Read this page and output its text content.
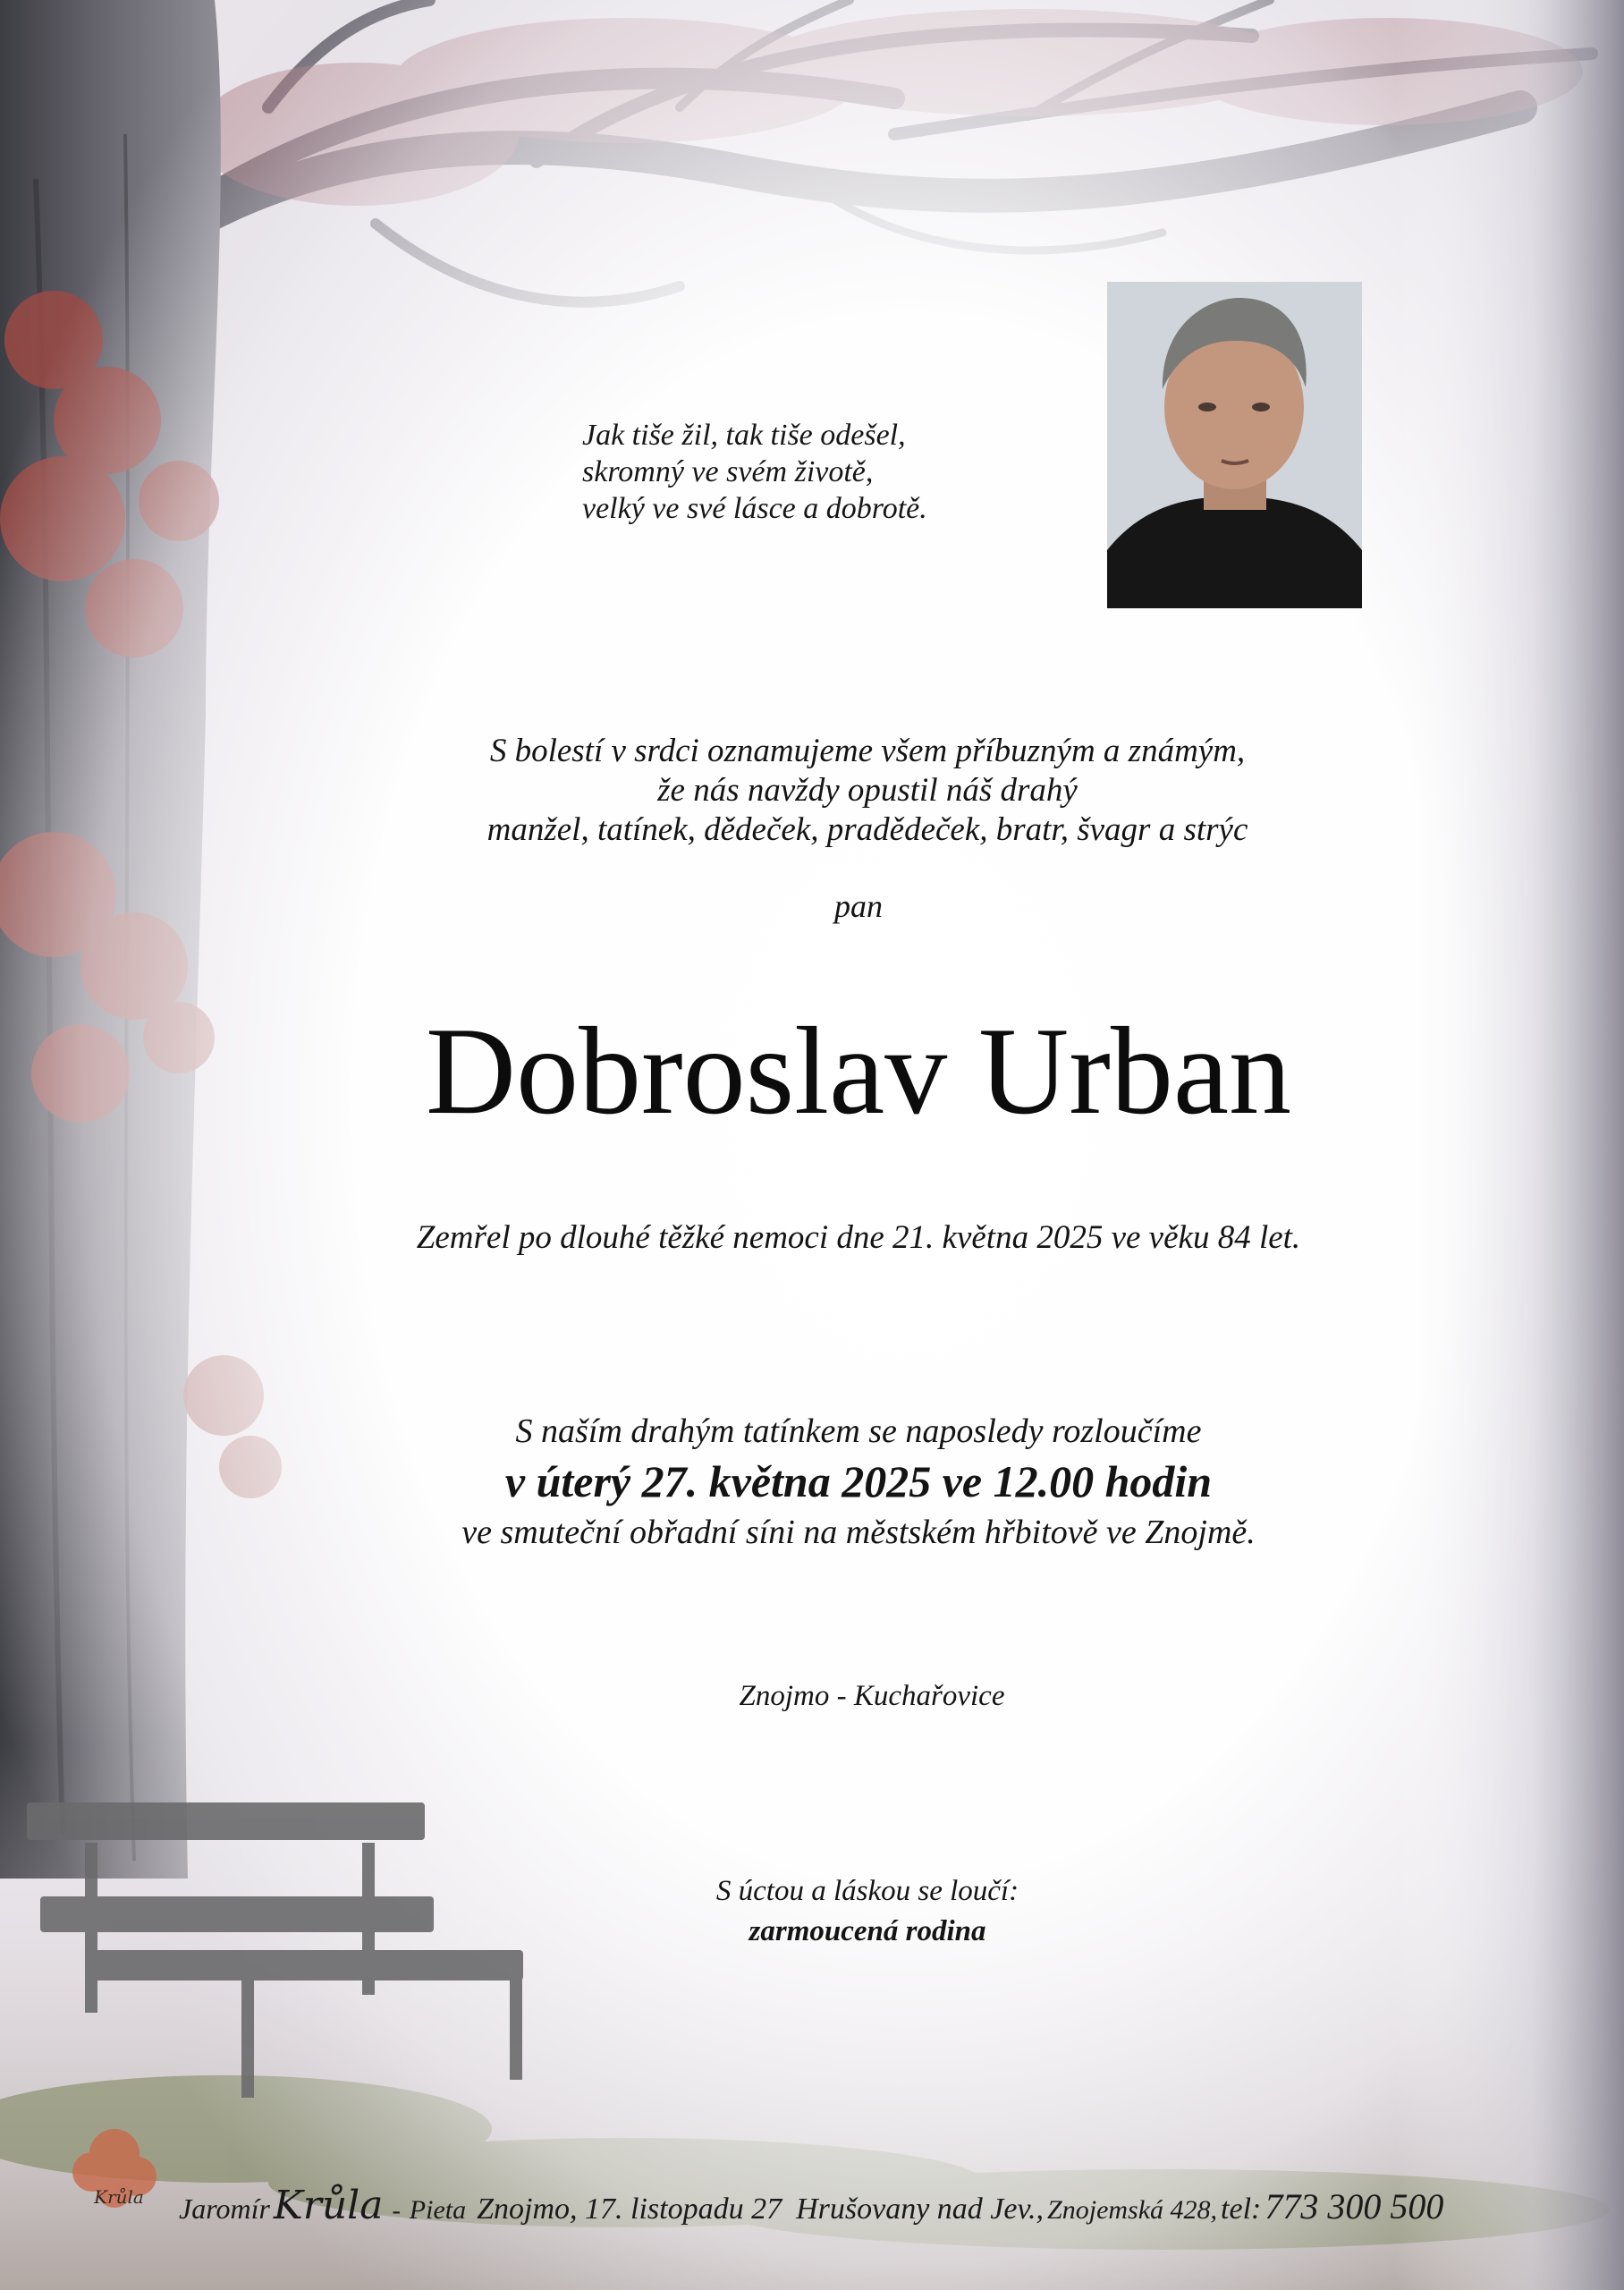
Jak tiše žil, tak tiše odešel,
skromný ve svém životě,
velký ve své lásce a dobrotě.
S bolestí v srdci oznamujeme všem příbuzným a známým,
že nás navždy opustil náš drahý
manžel, tatínek, dědeček, pradědeček, bratr, švagr a strýc
pan
Dobroslav Urban
Zemřel po dlouhé těžké nemoci dne 21. května 2025 ve věku 84 let.
S naším drahým tatínkem se naposledy rozloučíme
v úterý 27. května 2025 ve 12.00 hodin
ve smuteční obřadní síni na městském hřbitově ve Znojmě.
Znojmo - Kuchařovice
S úctou a láskou se loučí:
zarmoucená rodina
Krůla Jaromír Krůla - Pieta Znojmo, 17. listopadu 27 Hrušovany nad Jev., Znojemská 428, tel: 773 300 500
